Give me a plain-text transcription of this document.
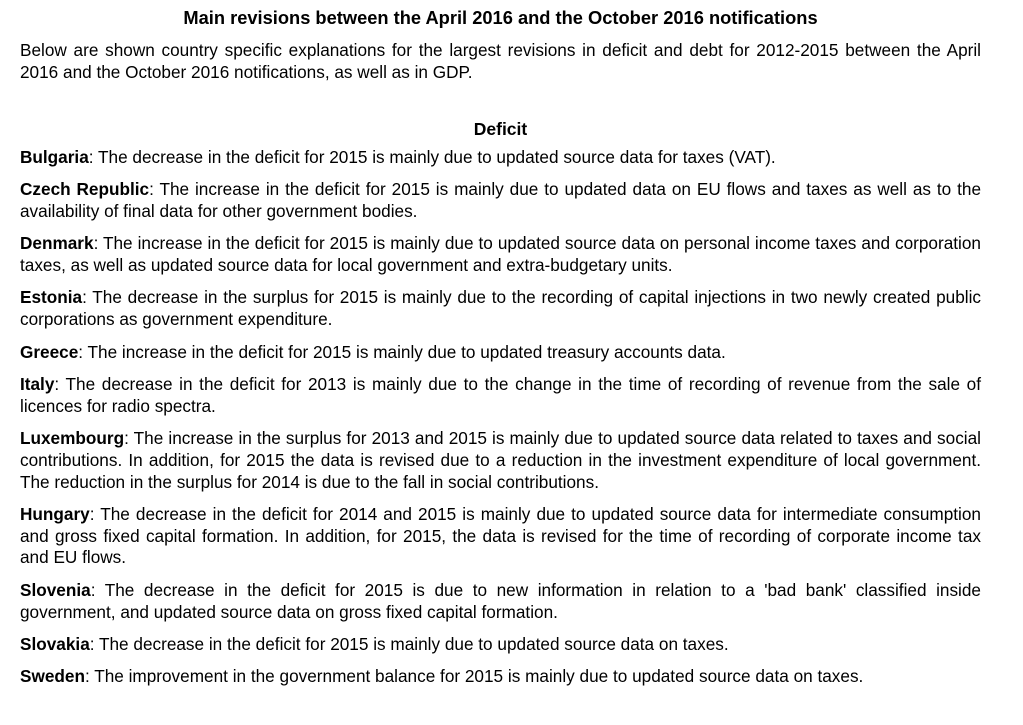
Main revisions between the April 2016 and the October 2016 notifications

Below are shown country specific explanations for the largest revisions in deficit and debt for 2012-2015 between the April 2016 and the October 2016 notifications, as well as in GDP.

Deficit
Bulgaria: The decrease in the deficit for 2015 is mainly due to updated source data for taxes (VAT).
Czech Republic: The increase in the deficit for 2015 is mainly due to updated data on EU flows and taxes as well as to the availability of final data for other government bodies.
Denmark: The increase in the deficit for 2015 is mainly due to updated source data on personal income taxes and corporation taxes, as well as updated source data for local government and extra-budgetary units.
Estonia: The decrease in the surplus for 2015 is mainly due to the recording of capital injections in two newly created public corporations as government expenditure.
Greece: The increase in the deficit for 2015 is mainly due to updated treasury accounts data.
Italy: The decrease in the deficit for 2013 is mainly due to the change in the time of recording of revenue from the sale of licences for radio spectra.
Luxembourg: The increase in the surplus for 2013 and 2015 is mainly due to updated source data related to taxes and social contributions. In addition, for 2015 the data is revised due to a reduction in the investment expenditure of local government. The reduction in the surplus for 2014 is due to the fall in social contributions.
Hungary: The decrease in the deficit for 2014 and 2015 is mainly due to updated source data for intermediate consumption and gross fixed capital formation. In addition, for 2015, the data is revised for the time of recording of corporate income tax and EU flows.
Slovenia: The decrease in the deficit for 2015 is due to new information in relation to a 'bad bank' classified inside government, and updated source data on gross fixed capital formation.
Slovakia: The decrease in the deficit for 2015 is mainly due to updated source data on taxes.
Sweden: The improvement in the government balance for 2015 is mainly due to updated source data on taxes.
